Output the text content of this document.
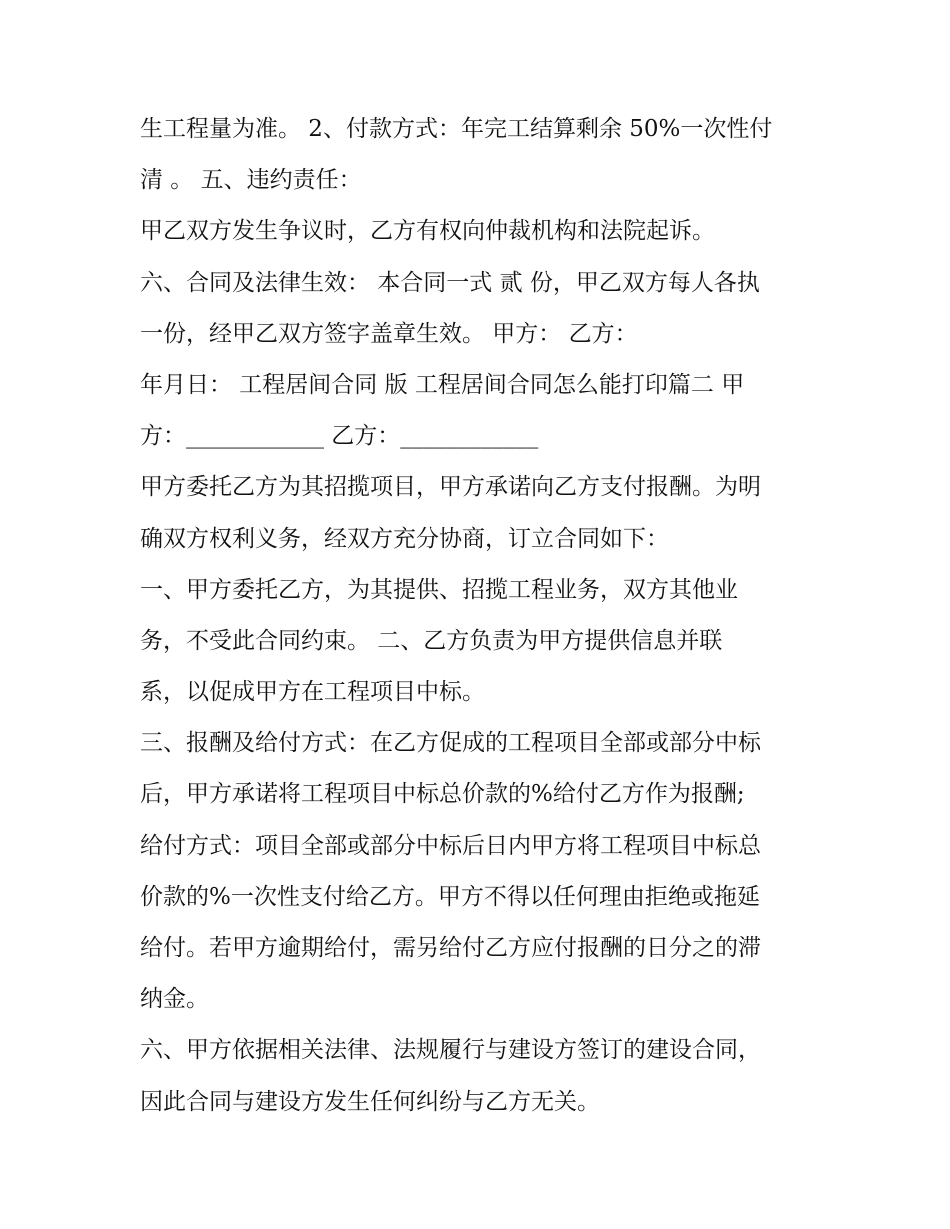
生工程量为准。 2、付款方式：年完工结算剩余 50%一次性付

清 。 五、违约责任：

甲乙双方发生争议时，乙方有权向仲裁机构和法院起诉。

六、合同及法律生效： 本合同一式 贰 份，甲乙双方每人各执

一份，经甲乙双方签字盖章生效。 甲方： 乙方：

年月日： 工程居间合同 版 工程居间合同怎么能打印篇二 甲

方：____________ 乙方：____________

甲方委托乙方为其招揽项目，甲方承诺向乙方支付报酬。为明

确双方权利义务，经双方充分协商，订立合同如下：

一、甲方委托乙方，为其提供、招揽工程业务，双方其他业

务，不受此合同约束。 二、乙方负责为甲方提供信息并联

系，以促成甲方在工程项目中标。

三、报酬及给付方式：在乙方促成的工程项目全部或部分中标

后，甲方承诺将工程项目中标总价款的%给付乙方作为报酬;

给付方式：项目全部或部分中标后日内甲方将工程项目中标总

价款的%一次性支付给乙方。甲方不得以任何理由拒绝或拖延

给付。若甲方逾期给付，需另给付乙方应付报酬的日分之的滞

纳金。

六、甲方依据相关法律、法规履行与建设方签订的建设合同，

因此合同与建设方发生任何纠纷与乙方无关。
